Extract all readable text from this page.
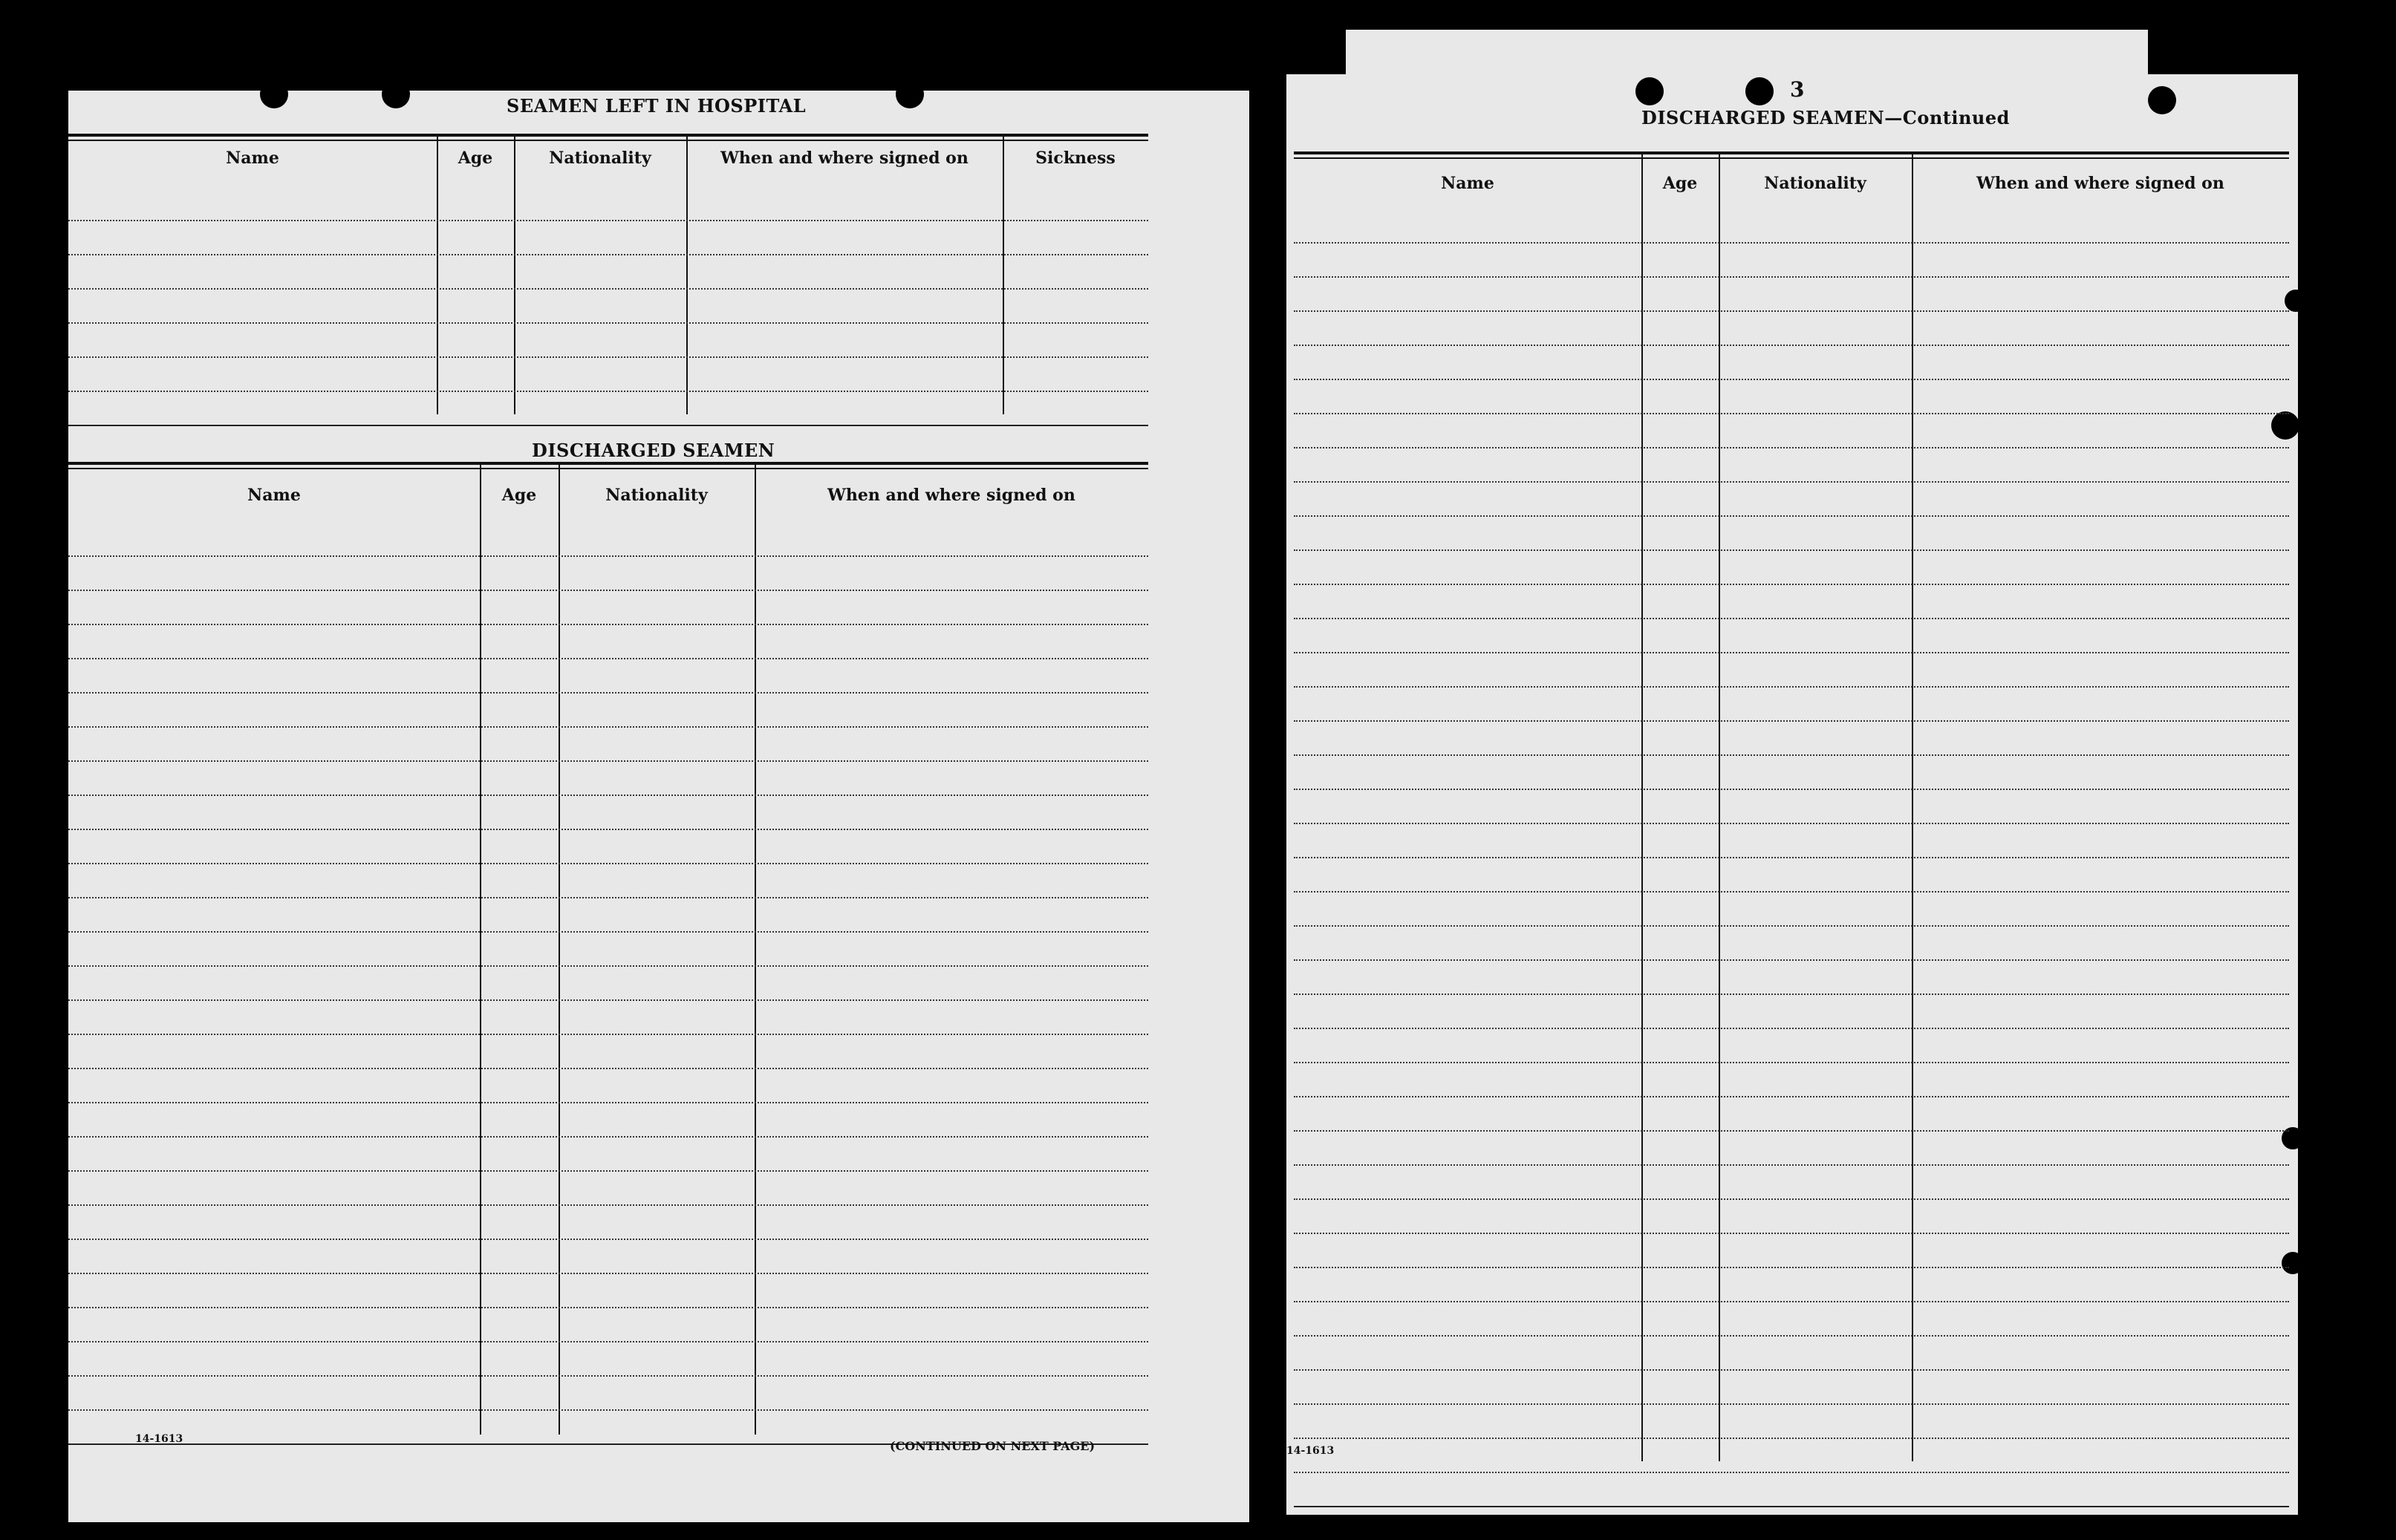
SEAMEN LEFT IN HOSPITAL
Name	Age	Nationality	When and where signed on	Sickness
DISCHARGED SEAMEN
Name	Age	Nationality	When and where signed on
14-1613	(CONTINUED ON NEXT PAGE)
3
DISCHARGED SEAMEN—Continued
Name	Age	Nationality	When and where signed on
14-1613
